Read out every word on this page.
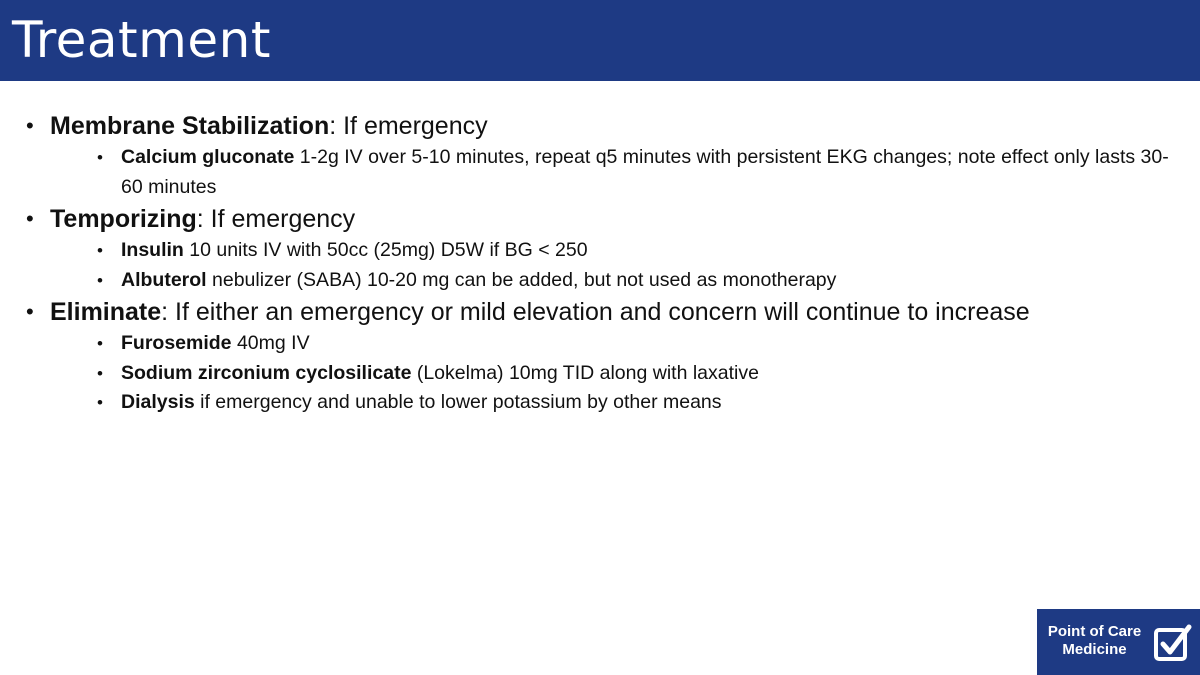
Treatment
• Membrane Stabilization: If emergency
• Calcium gluconate 1-2g IV over 5-10 minutes, repeat q5 minutes with persistent EKG changes; note effect only lasts 30-60 minutes
• Temporizing: If emergency
• Insulin 10 units IV with 50cc (25mg) D5W if BG < 250
• Albuterol nebulizer (SABA) 10-20 mg can be added, but not used as monotherapy
• Eliminate: If either an emergency or mild elevation and concern will continue to increase
• Furosemide 40mg IV
• Sodium zirconium cyclosilicate (Lokelma) 10mg TID along with laxative
• Dialysis if emergency and unable to lower potassium by other means
Point of Care
Medicine
